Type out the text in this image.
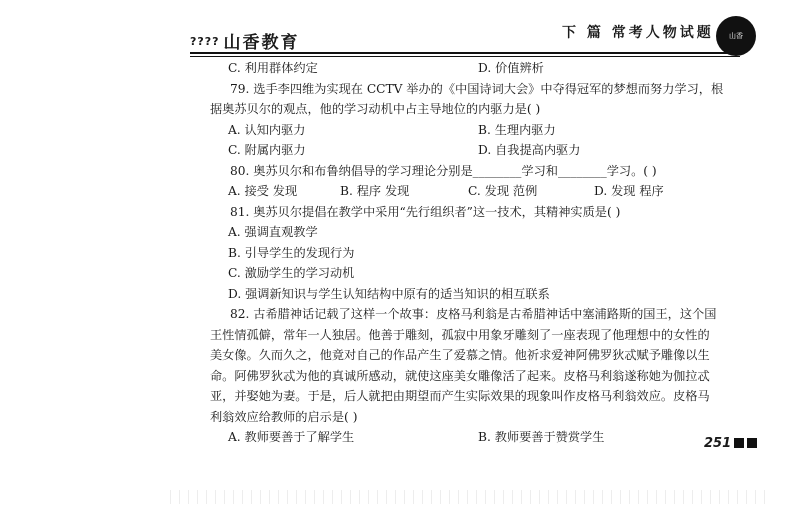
???? 山香教育	下 篇 常考人物试题	山香
C. 利用群体约定	D. 价值辨析
79. 选手李四维为实现在 CCTV 举办的《中国诗词大会》中夺得冠军的梦想而努力学习，根
据奥苏贝尔的观点，他的学习动机中占主导地位的内驱力是( )
A. 认知内驱力	B. 生理内驱力
C. 附属内驱力	D. 自我提高内驱力
80. 奥苏贝尔和布鲁纳倡导的学习理论分别是________学习和________学习。( )
A. 接受 发现	B. 程序 发现	C. 发现 范例	D. 发现 程序
81. 奥苏贝尔提倡在教学中采用“先行组织者”这一技术，其精神实质是( )
A. 强调直观教学
B. 引导学生的发现行为
C. 激励学生的学习动机
D. 强调新知识与学生认知结构中原有的适当知识的相互联系
82. 古希腊神话记载了这样一个故事：皮格马利翁是古希腊神话中塞浦路斯的国王，这个国
王性情孤僻，常年一人独居。他善于雕刻，孤寂中用象牙雕刻了一座表现了他理想中的女性的
美女像。久而久之，他竟对自己的作品产生了爱慕之情。他祈求爱神阿佛罗狄忒赋予雕像以生
命。阿佛罗狄忒为他的真诚所感动，就使这座美女雕像活了起来。皮格马利翁遂称她为伽拉忒
亚，并娶她为妻。于是，后人就把由期望而产生实际效果的现象叫作皮格马利翁效应。皮格马
利翁效应给教师的启示是( )
A. 教师要善于了解学生	B. 教师要善于赞赏学生	251
